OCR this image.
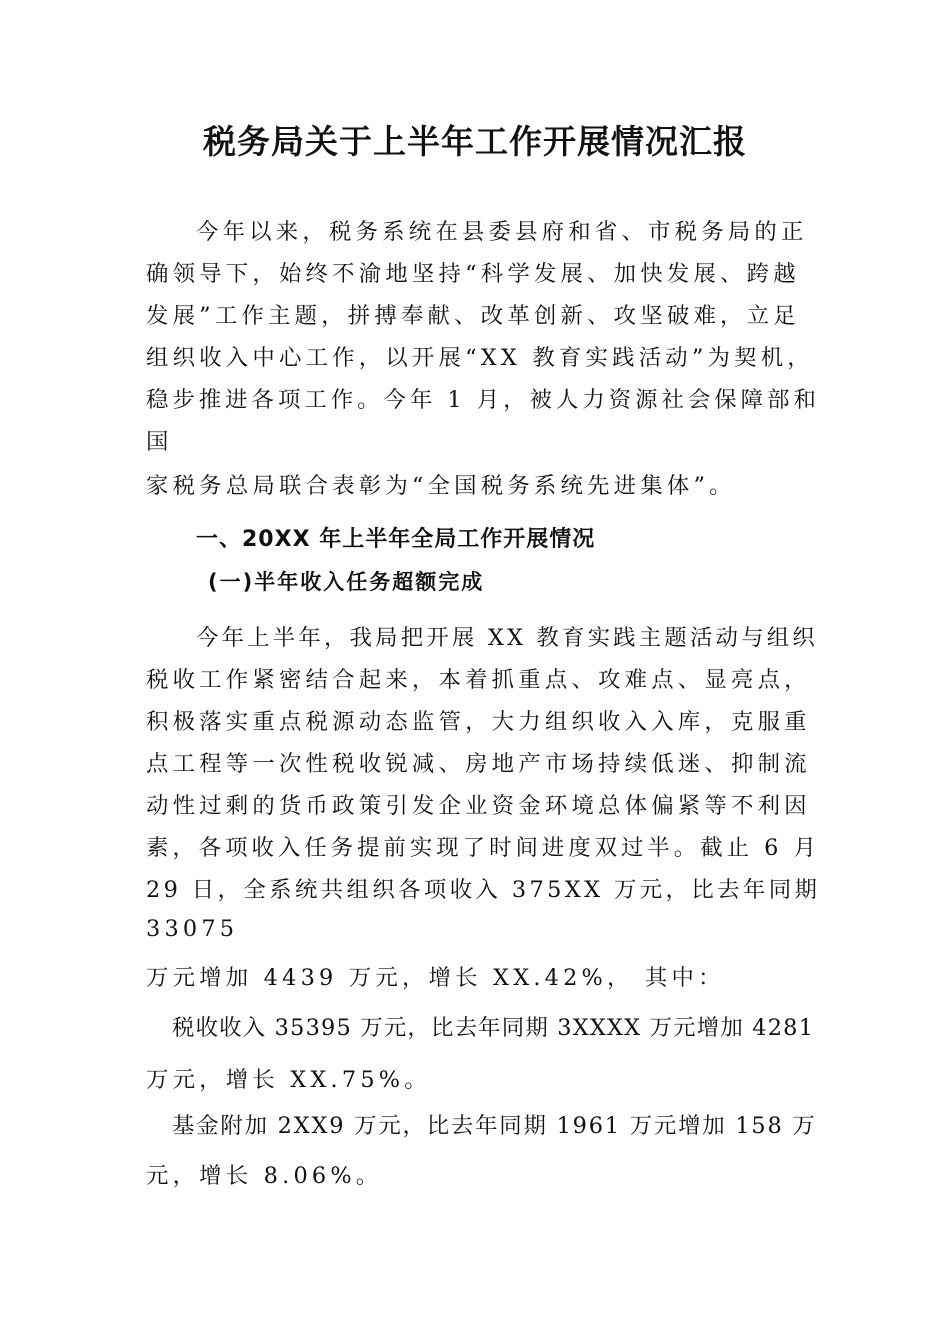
税务局关于上半年工作开展情况汇报
今年以来，税务系统在县委县府和省、市税务局的正
确领导下，始终不渝地坚持“科学发展、加快发展、跨越
发展”工作主题，拼搏奉献、改革创新、攻坚破难，立足
组织收入中心工作，以开展“XX 教育实践活动”为契机，
稳步推进各项工作。今年 1 月，被人力资源社会保障部和
国
家税务总局联合表彰为“全国税务系统先进集体”。
一、20XX 年上半年全局工作开展情况
(一)半年收入任务超额完成
今年上半年，我局把开展 XX 教育实践主题活动与组织
税收工作紧密结合起来，本着抓重点、攻难点、显亮点，
积极落实重点税源动态监管，大力组织收入入库，克服重
点工程等一次性税收锐减、房地产市场持续低迷、抑制流
动性过剩的货币政策引发企业资金环境总体偏紧等不利因
素，各项收入任务提前实现了时间进度双过半。截止 6 月
29 日，全系统共组织各项收入 375XX 万元，比去年同期
33075
万元增加 4439 万元，增长 XX.42%， 其中：
税收收入 35395 万元，比去年同期 3XXXX 万元增加 4281
万元，增长 XX.75%。
基金附加 2XX9 万元，比去年同期 1961 万元增加 158 万
元，增长 8.06%。
